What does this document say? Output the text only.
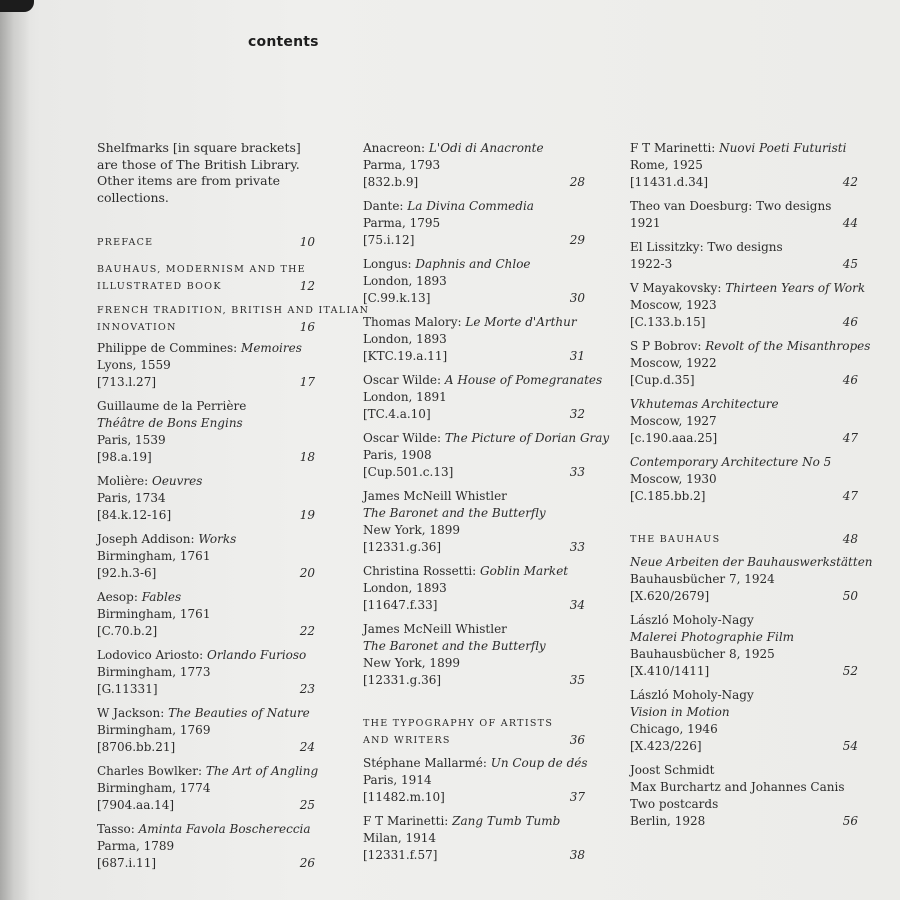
contents

Shelfmarks [in square brackets] are those of The British Library. Other items are from private collections.

PREFACE	10
BAUHAUS, MODERNISM AND THE
ILLUSTRATED BOOK	12
FRENCH TRADITION, BRITISH AND ITALIAN
INNOVATION	16
Philippe de Commines: Memoires
Lyons, 1559
[713.l.27]	17
Guillaume de la Perrière
Théâtre de Bons Engins
Paris, 1539
[98.a.19]	18
Molière: Oeuvres
Paris, 1734
[84.k.12-16]	19
Joseph Addison: Works
Birmingham, 1761
[92.h.3-6]	20
Aesop: Fables
Birmingham, 1761
[C.70.b.2]	22
Lodovico Ariosto: Orlando Furioso
Birmingham, 1773
[G.11331]	23
W Jackson: The Beauties of Nature
Birmingham, 1769
[8706.bb.21]	24
Charles Bowlker: The Art of Angling
Birmingham, 1774
[7904.aa.14]	25
Tasso: Aminta Favola Boschereccia
Parma, 1789
[687.i.11]	26
Anacreon: L'Odi di Anacronte
Parma, 1793
[832.b.9]	28
Dante: La Divina Commedia
Parma, 1795
[75.i.12]	29
Longus: Daphnis and Chloe
London, 1893
[C.99.k.13]	30
Thomas Malory: Le Morte d'Arthur
London, 1893
[KTC.19.a.11]	31
Oscar Wilde: A House of Pomegranates
London, 1891
[TC.4.a.10]	32
Oscar Wilde: The Picture of Dorian Gray
Paris, 1908
[Cup.501.c.13]	33
James McNeill Whistler
The Baronet and the Butterfly
New York, 1899
[12331.g.36]	33
Christina Rossetti: Goblin Market
London, 1893
[11647.f.33]	34
James McNeill Whistler
The Baronet and the Butterfly
New York, 1899
[12331.g.36]	35
THE TYPOGRAPHY OF ARTISTS
AND WRITERS	36
Stéphane Mallarmé: Un Coup de dés
Paris, 1914
[11482.m.10]	37
F T Marinetti: Zang Tumb Tumb
Milan, 1914
[12331.f.57]	38
F T Marinetti: Nuovi Poeti Futuristi
Rome, 1925
[11431.d.34]	42
Theo van Doesburg: Two designs
1921	44
El Lissitzky: Two designs
1922-3	45
V Mayakovsky: Thirteen Years of Work
Moscow, 1923
[C.133.b.15]	46
S P Bobrov: Revolt of the Misanthropes
Moscow, 1922
[Cup.d.35]	46
Vkhutemas Architecture
Moscow, 1927
[c.190.aaa.25]	47
Contemporary Architecture No 5
Moscow, 1930
[C.185.bb.2]	47
THE BAUHAUS	48
Neue Arbeiten der Bauhauswerkstätten
Bauhausbücher 7, 1924
[X.620/2679]	50
László Moholy-Nagy
Malerei Photographie Film
Bauhausbücher 8, 1925
[X.410/1411]	52
László Moholy-Nagy
Vision in Motion
Chicago, 1946
[X.423/226]	54
Joost Schmidt
Max Burchartz and Johannes Canis
Two postcards
Berlin, 1928	56
